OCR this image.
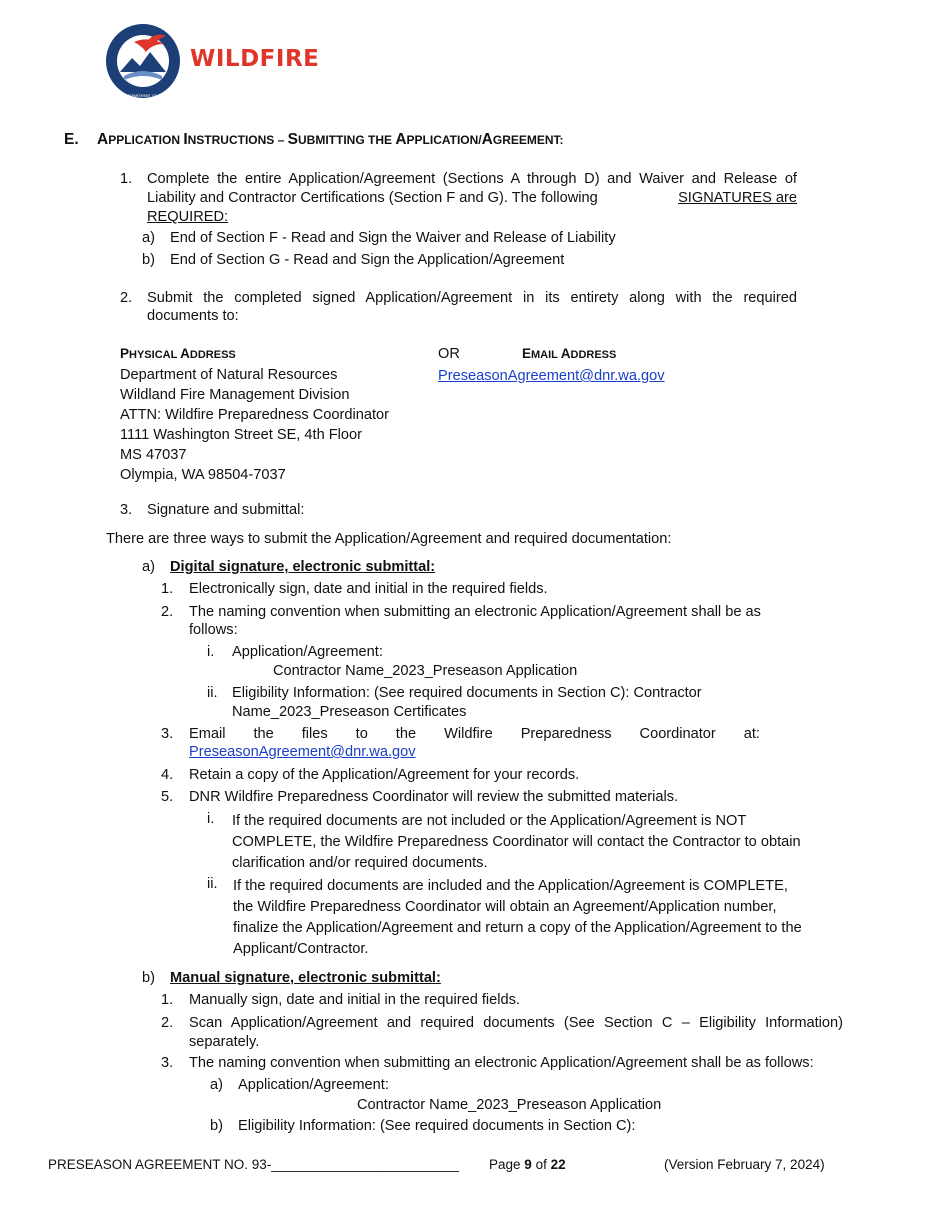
WASHINGTON STATE DEPARTMENT OF NATURAL RESOURCES
WILDFIRE
E. APPLICATION INSTRUCTIONS – SUBMITTING THE APPLICATION/AGREEMENT:
1. Complete the entire Application/Agreement (Sections A through D) and Waiver and Release of
Liability and Contractor Certifications (Section F and G). The following	SIGNATURES are
REQUIRED:
a) End of Section F - Read and Sign the Waiver and Release of Liability
b) End of Section G - Read and Sign the Application/Agreement
2. Submit the completed signed Application/Agreement in its entirety along with the required
documents to:
PHYSICAL ADDRESS
Department of Natural Resources
Wildland Fire Management Division
ATTN: Wildfire Preparedness Coordinator
1111 Washington Street SE, 4th Floor
MS 47037
Olympia, WA 98504-7037
OR	EMAIL ADDRESS
PreseasonAgreement@dnr.wa.gov
3. Signature and submittal:
There are three ways to submit the Application/Agreement and required documentation:
a) Digital signature, electronic submittal:
1. Electronically sign, date and initial in the required fields.
2. The naming convention when submitting an electronic Application/Agreement shall be as
follows:
i. Application/Agreement:
Contractor Name_2023_Preseason Application
ii. Eligibility Information: (See required documents in Section C): Contractor
Name_2023_Preseason Certificates
3. Email the files to the Wildfire Preparedness Coordinator at:
PreseasonAgreement@dnr.wa.gov
4. Retain a copy of the Application/Agreement for your records.
5. DNR Wildfire Preparedness Coordinator will review the submitted materials.
i. If the required documents are not included or the Application/Agreement is NOT
COMPLETE, the Wildfire Preparedness Coordinator will contact the Contractor to obtain
clarification and/or required documents.
ii. If the required documents are included and the Application/Agreement is COMPLETE,
the Wildfire Preparedness Coordinator will obtain an Agreement/Application number,
finalize the Application/Agreement and return a copy of the Application/Agreement to the
Applicant/Contractor.
b) Manual signature, electronic submittal:
1. Manually sign, date and initial in the required fields.
2. Scan Application/Agreement and required documents (See Section C – Eligibility Information)
separately.
3. The naming convention when submitting an electronic Application/Agreement shall be as follows:
a) Application/Agreement:
Contractor Name_2023_Preseason Application
b) Eligibility Information: (See required documents in Section C):
PRESEASON AGREEMENT NO. 93-_________________________ Page 9 of 22	(Version February 7, 2024)
